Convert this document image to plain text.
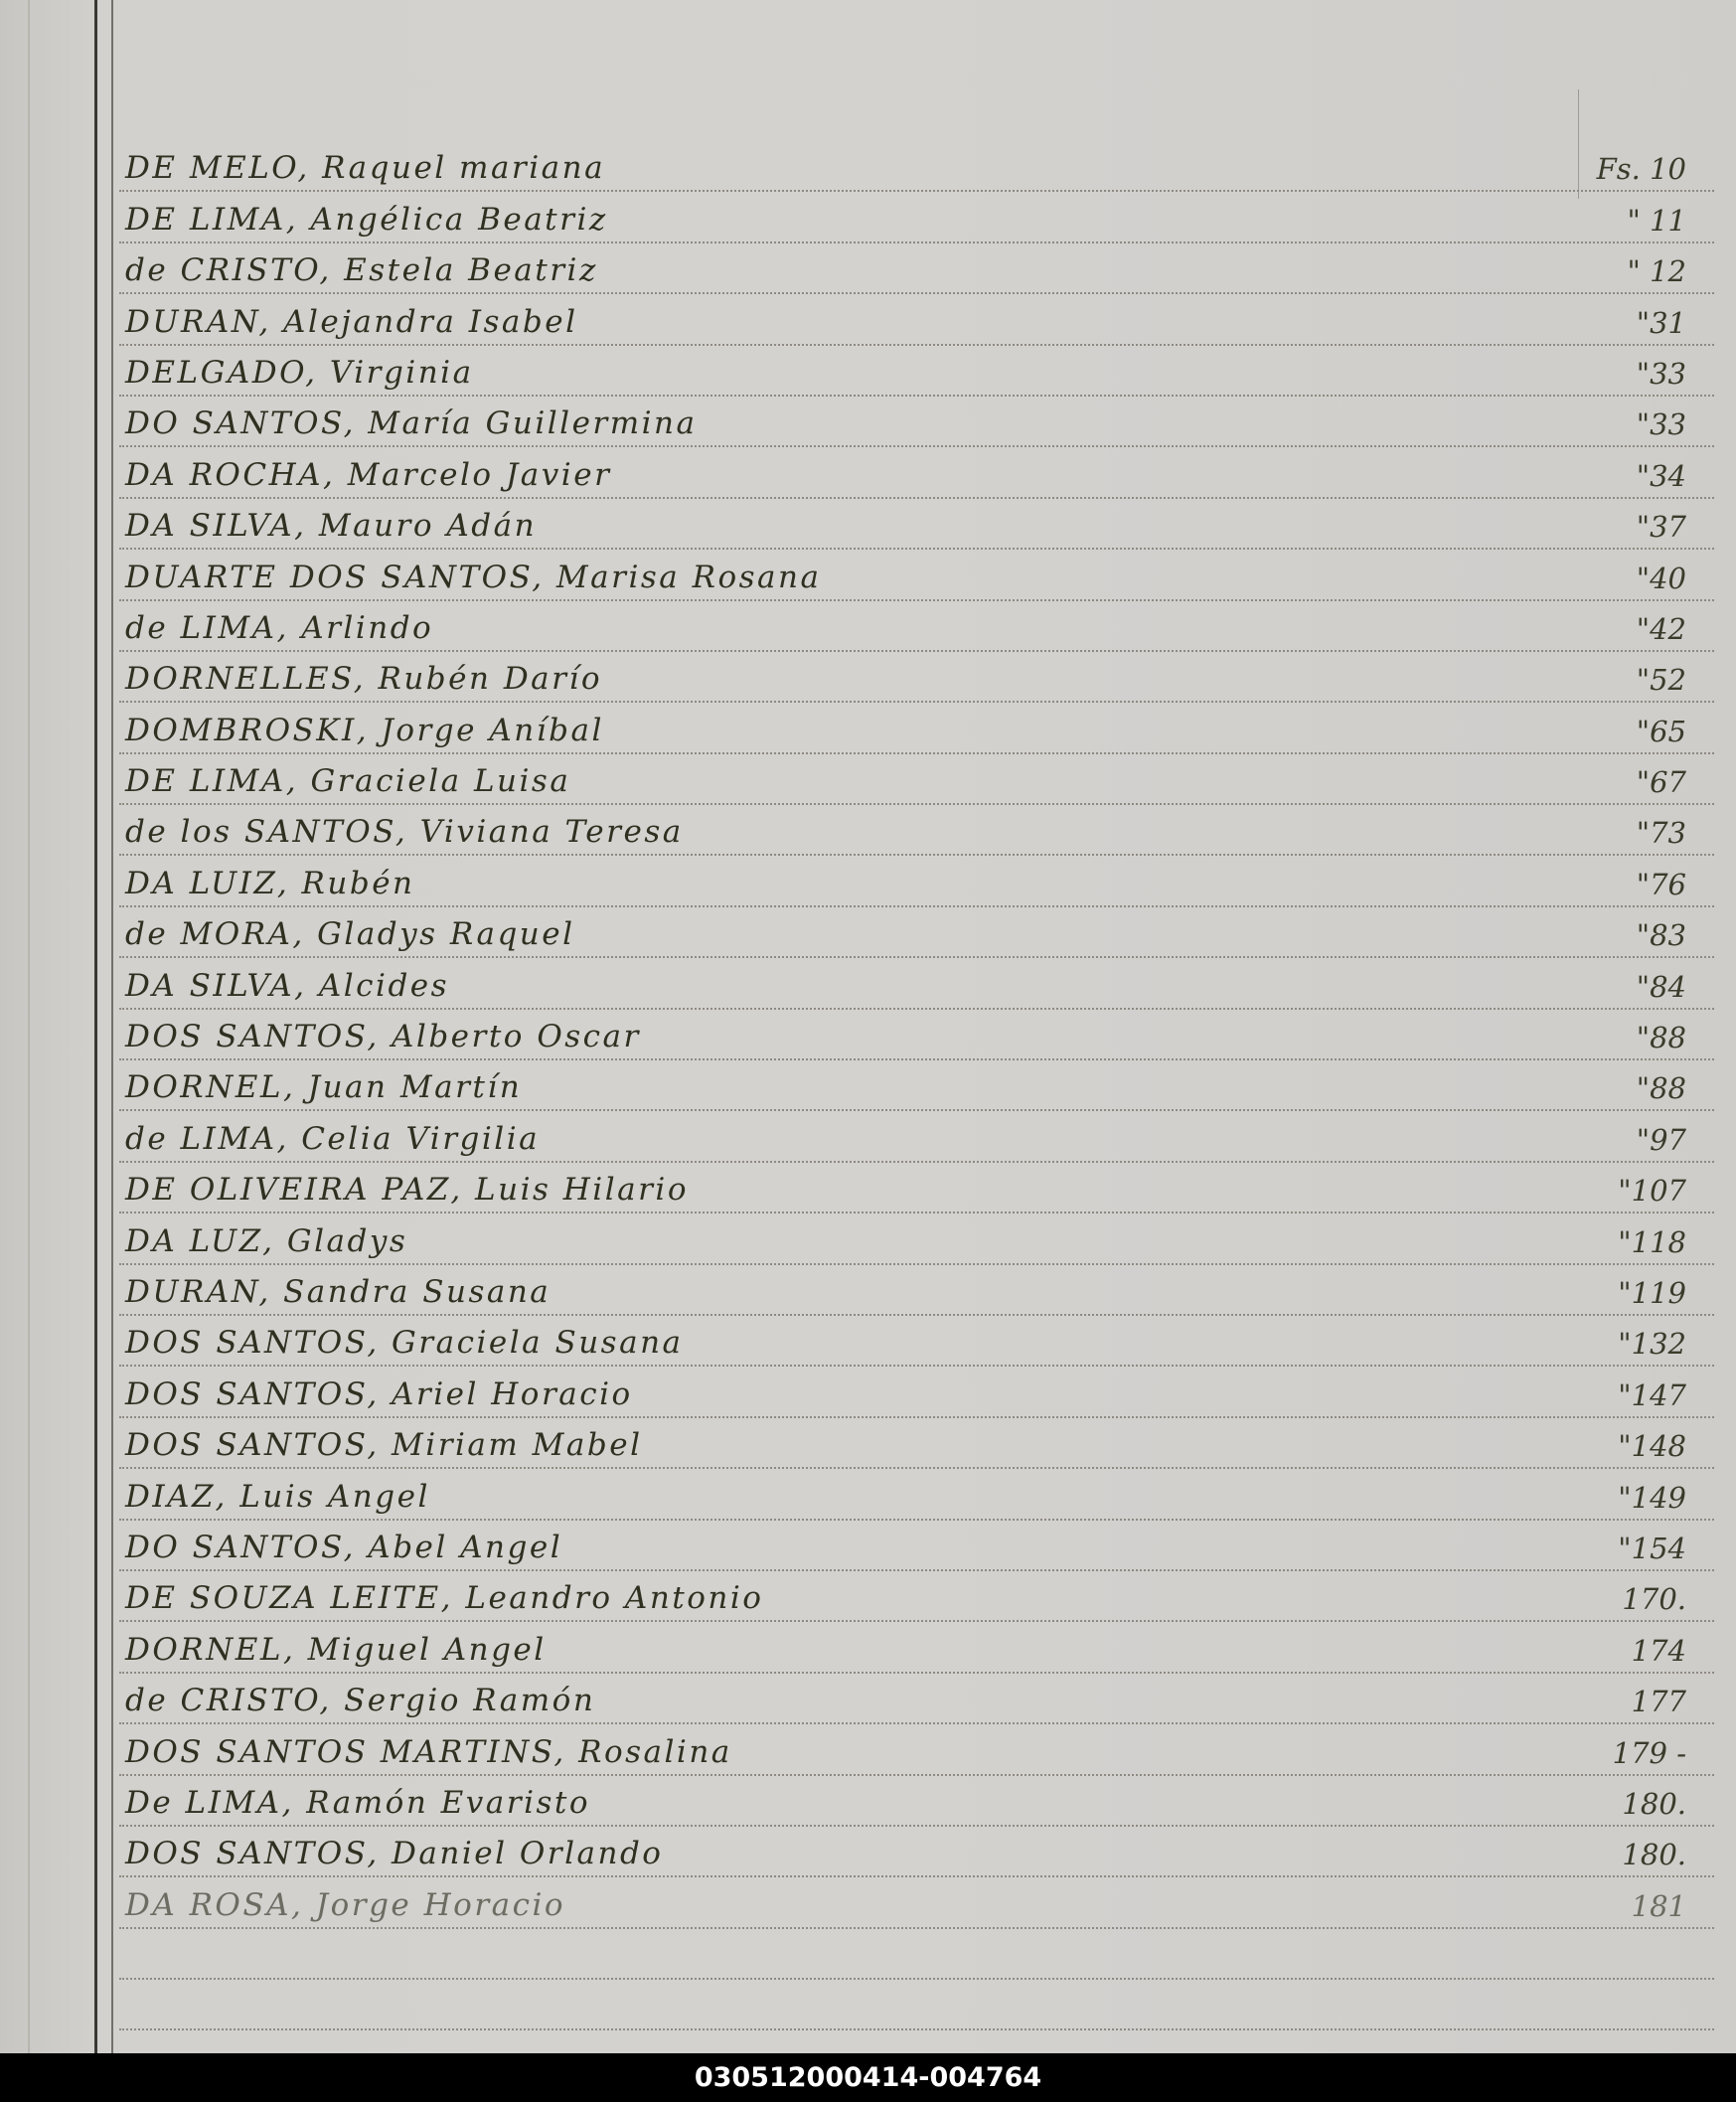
DE MELO, Raquel mariana	Fs. 10
DE LIMA, Angélica Beatriz	" 11
de CRISTO, Estela Beatriz	" 12
DURAN, Alejandra Isabel	"31
DELGADO, Virginia	"33
DO SANTOS, María Guillermina	"33
DA ROCHA, Marcelo Javier	"34
DA SILVA, Mauro Adán	"37
DUARTE DOS SANTOS, Marisa Rosana	"40
de LIMA, Arlindo	"42
DORNELLES, Rubén Darío	"52
DOMBROSKI, Jorge Aníbal	"65
DE LIMA, Graciela Luisa	"67
de los SANTOS, Viviana Teresa	"73
DA LUIZ, Rubén	"76
de MORA, Gladys Raquel	"83
DA SILVA, Alcides	"84
DOS SANTOS, Alberto Oscar	"88
DORNEL, Juan Martín	"88
de LIMA, Celia Virgilia	"97
DE OLIVEIRA PAZ, Luis Hilario	"107
DA LUZ, Gladys	"118
DURAN, Sandra Susana	"119
DOS SANTOS, Graciela Susana	"132
DOS SANTOS, Ariel Horacio	"147
DOS SANTOS, Miriam Mabel	"148
DIAZ, Luis Angel	"149
DO SANTOS, Abel Angel	"154
DE SOUZA LEITE, Leandro Antonio	170.
DORNEL, Miguel Angel	174
de CRISTO, Sergio Ramón	177
DOS SANTOS MARTINS, Rosalina	179 -
De LIMA, Ramón Evaristo	180.
DOS SANTOS, Daniel Orlando	180.
DA ROSA, Jorge Horacio	181
030512000414-004764
